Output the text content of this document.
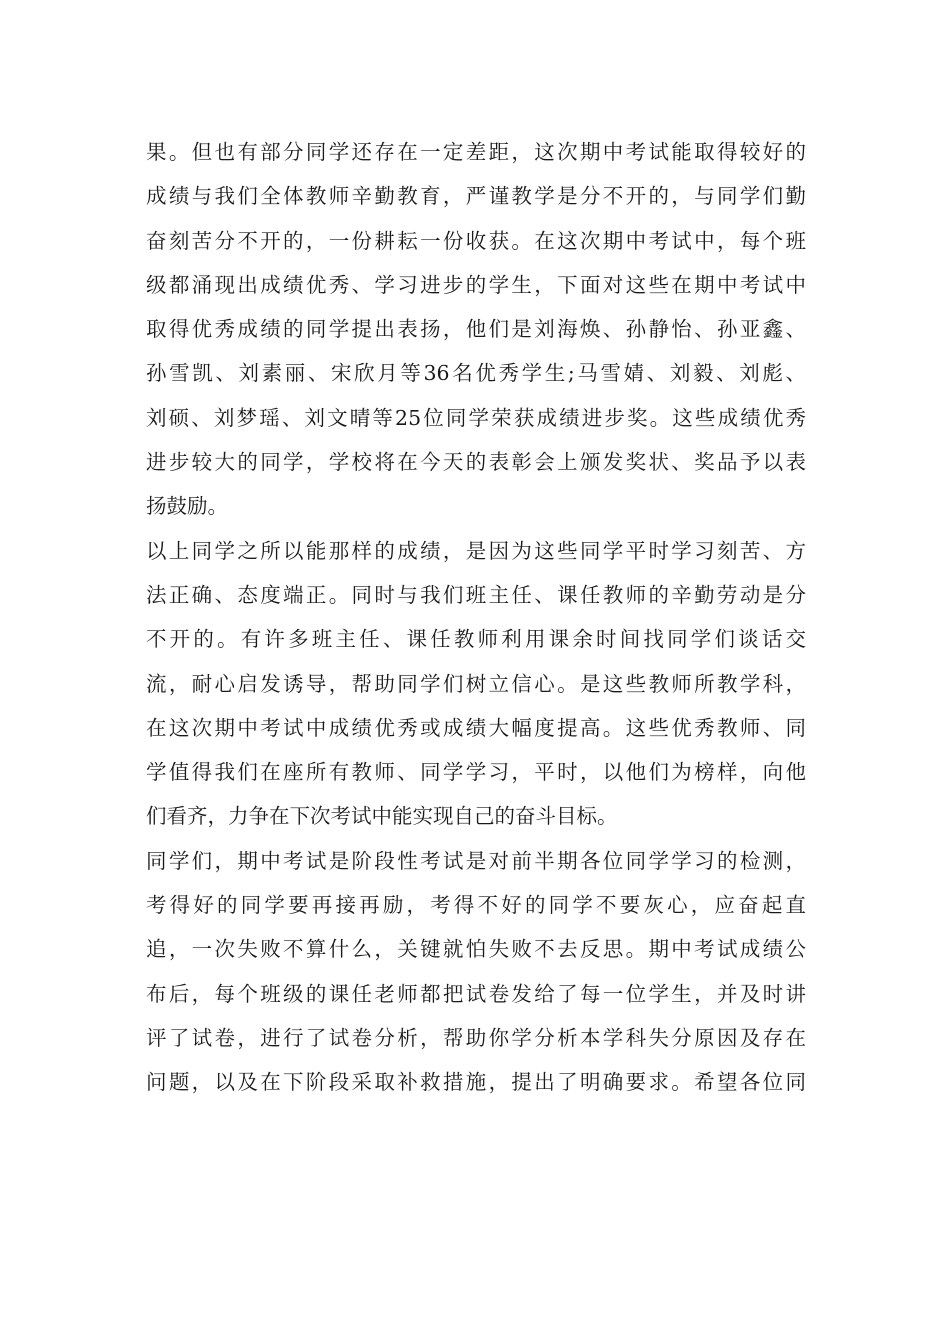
果。但也有部分同学还存在一定差距，这次期中考试能取得较好的
成绩与我们全体教师辛勤教育，严谨教学是分不开的，与同学们勤
奋刻苦分不开的，一份耕耘一份收获。在这次期中考试中，每个班
级都涌现出成绩优秀、学习进步的学生，下面对这些在期中考试中
取得优秀成绩的同学提出表扬，他们是刘海焕、孙静怡、孙亚鑫、
孙雪凯、刘素丽、宋欣月等36名优秀学生;马雪婧、刘毅、刘彪、
刘硕、刘梦瑶、刘文晴等25位同学荣获成绩进步奖。这些成绩优秀
进步较大的同学，学校将在今天的表彰会上颁发奖状、奖品予以表
扬鼓励。
以上同学之所以能那样的成绩，是因为这些同学平时学习刻苦、方
法正确、态度端正。同时与我们班主任、课任教师的辛勤劳动是分
不开的。有许多班主任、课任教师利用课余时间找同学们谈话交
流，耐心启发诱导，帮助同学们树立信心。是这些教师所教学科，
在这次期中考试中成绩优秀或成绩大幅度提高。这些优秀教师、同
学值得我们在座所有教师、同学学习，平时，以他们为榜样，向他
们看齐，力争在下次考试中能实现自己的奋斗目标。
同学们，期中考试是阶段性考试是对前半期各位同学学习的检测，
考得好的同学要再接再励，考得不好的同学不要灰心，应奋起直
追，一次失败不算什么，关键就怕失败不去反思。期中考试成绩公
布后，每个班级的课任老师都把试卷发给了每一位学生，并及时讲
评了试卷，进行了试卷分析，帮助你学分析本学科失分原因及存在
问题，以及在下阶段采取补救措施，提出了明确要求。希望各位同
